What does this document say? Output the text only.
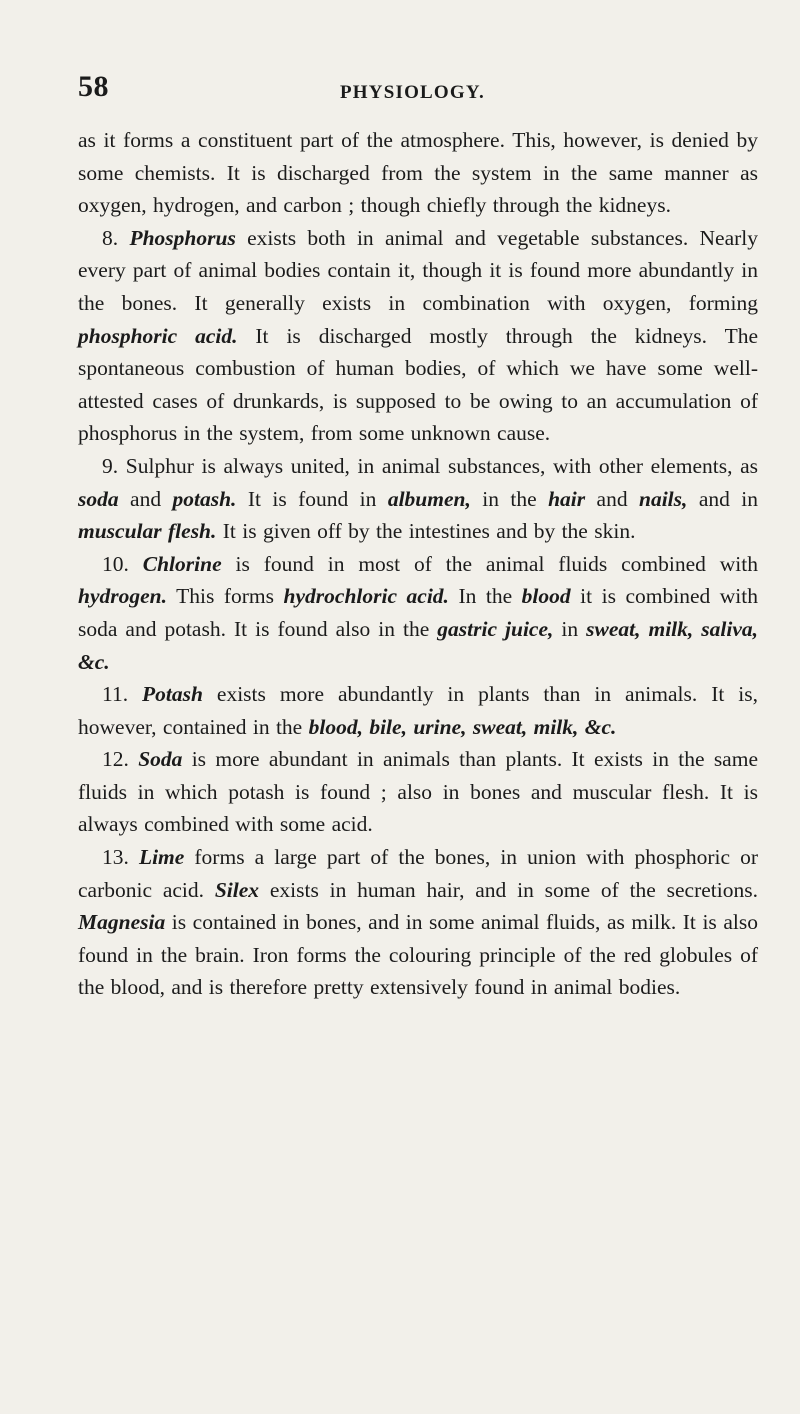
58	PHYSIOLOGY.

as it forms a constituent part of the atmosphere. This, however, is denied by some chemists. It is discharged from the system in the same manner as oxygen, hydrogen, and carbon ; though chiefly through the kidneys.

8. Phosphorus exists both in animal and vegetable substances. Nearly every part of animal bodies contain it, though it is found more abundantly in the bones. It generally exists in combination with oxygen, forming phosphoric acid. It is discharged mostly through the kidneys. The spontaneous combustion of human bodies, of which we have some well-attested cases of drunkards, is supposed to be owing to an accumulation of phosphorus in the system, from some unknown cause.

9. Sulphur is always united, in animal substances, with other elements, as soda and potash. It is found in albumen, in the hair and nails, and in muscular flesh. It is given off by the intestines and by the skin.

10. Chlorine is found in most of the animal fluids combined with hydrogen. This forms hydrochloric acid. In the blood it is combined with soda and potash. It is found also in the gastric juice, in sweat, milk, saliva, &c.

11. Potash exists more abundantly in plants than in animals. It is, however, contained in the blood, bile, urine, sweat, milk, &c.

12. Soda is more abundant in animals than plants. It exists in the same fluids in which potash is found ; also in bones and muscular flesh. It is always combined with some acid.

13. Lime forms a large part of the bones, in union with phosphoric or carbonic acid. Silex exists in human hair, and in some of the secretions. Magnesia is contained in bones, and in some animal fluids, as milk. It is also found in the brain. Iron forms the colouring principle of the red globules of the blood, and is therefore pretty extensively found in animal bodies.
